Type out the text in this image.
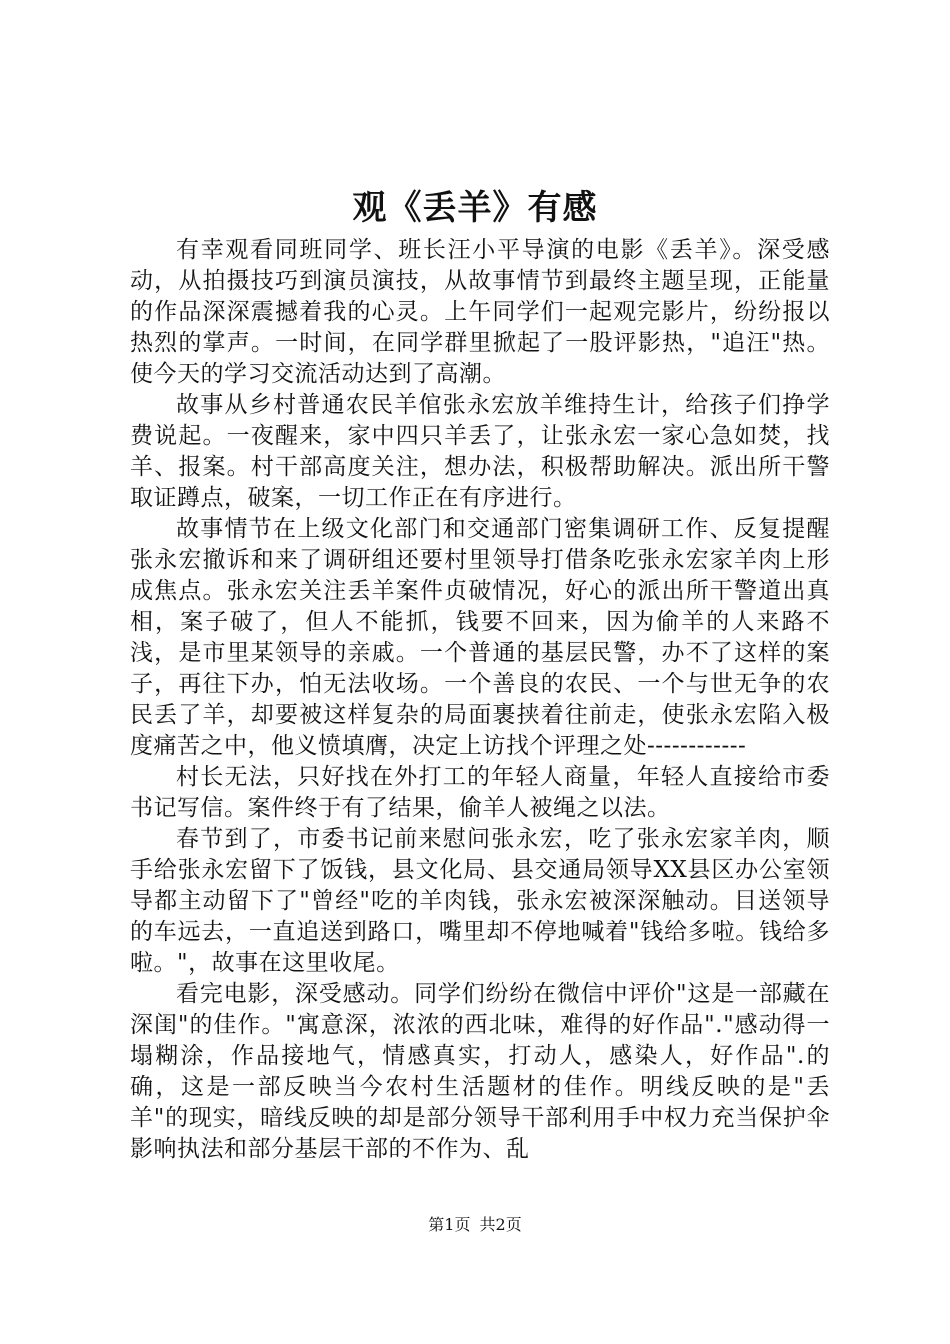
观《丢羊》有感

有幸观看同班同学、班长汪小平导演的电影《丢羊》。深受感动，从拍摄技巧到演员演技，从故事情节到最终主题呈现，正能量的作品深深震撼着我的心灵。上午同学们一起观完影片，纷纷报以热烈的掌声。一时间，在同学群里掀起了一股评影热，"追汪"热。使今天的学习交流活动达到了高潮。

故事从乡村普通农民羊倌张永宏放羊维持生计，给孩子们挣学费说起。一夜醒来，家中四只羊丢了，让张永宏一家心急如焚，找羊、报案。村干部高度关注，想办法，积极帮助解决。派出所干警取证蹲点，破案，一切工作正在有序进行。

故事情节在上级文化部门和交通部门密集调研工作、反复提醒张永宏撤诉和来了调研组还要村里领导打借条吃张永宏家羊肉上形成焦点。张永宏关注丢羊案件贞破情况，好心的派出所干警道出真相，案子破了，但人不能抓，钱要不回来，因为偷羊的人来路不浅，是市里某领导的亲戚。一个普通的基层民警，办不了这样的案子，再往下办，怕无法收场。一个善良的农民、一个与世无争的农民丢了羊，却要被这样复杂的局面裹挟着往前走，使张永宏陷入极度痛苦之中，他义愤填膺，决定上访找个评理之处------------

村长无法，只好找在外打工的年轻人商量，年轻人直接给市委书记写信。案件终于有了结果，偷羊人被绳之以法。

春节到了，市委书记前来慰问张永宏，吃了张永宏家羊肉，顺手给张永宏留下了饭钱，县文化局、县交通局领导XX县区办公室领导都主动留下了"曾经"吃的羊肉钱，张永宏被深深触动。目送领导的车远去，一直追送到路口，嘴里却不停地喊着"钱给多啦。钱给多啦。"，故事在这里收尾。

看完电影，深受感动。同学们纷纷在微信中评价"这是一部藏在深闺"的佳作。"寓意深，浓浓的西北味，难得的好作品"."感动得一塌糊涂，作品接地气，情感真实，打动人，感染人，好作品".的确，这是一部反映当今农村生活题材的佳作。明线反映的是"丢羊"的现实，暗线反映的却是部分领导干部利用手中权力充当保护伞影响执法和部分基层干部的不作为、乱

第1页 共2页
